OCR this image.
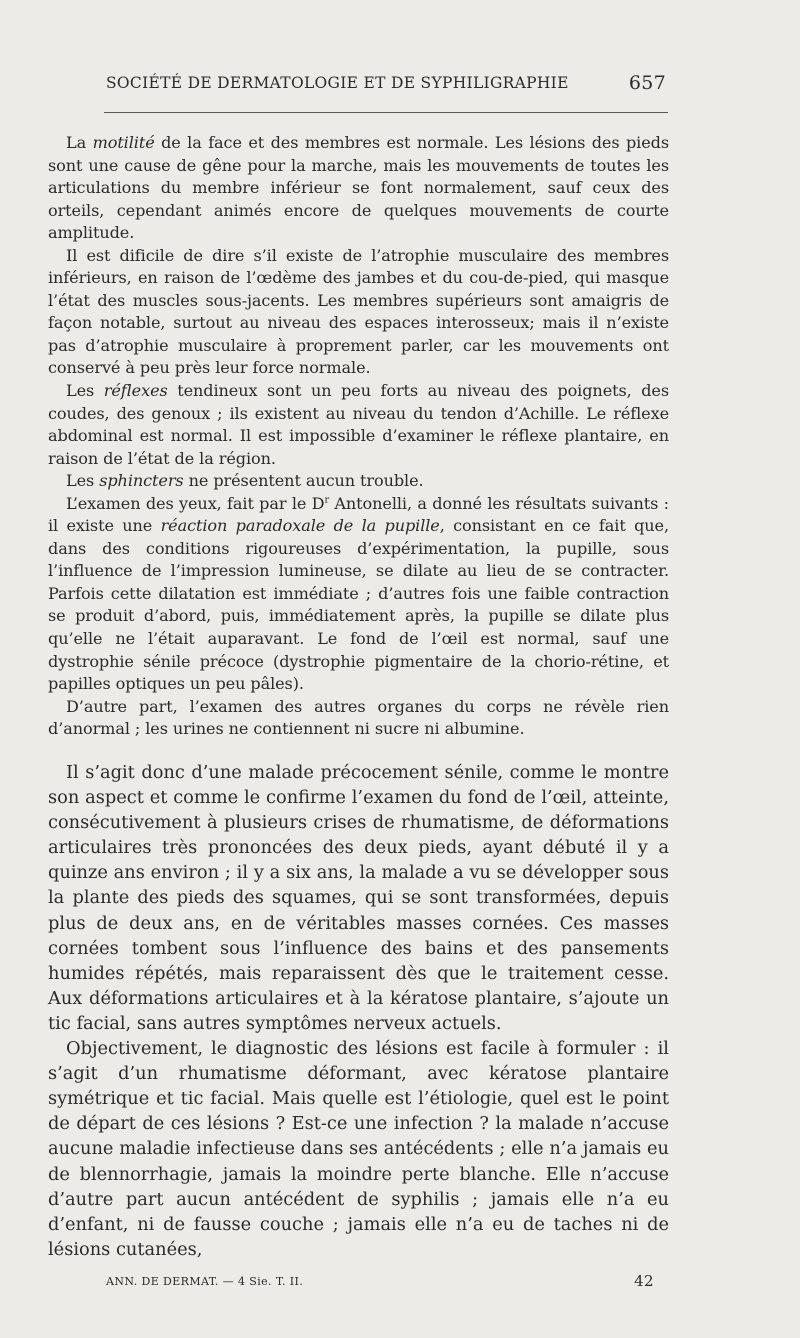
SOCIÉTÉ DE DERMATOLOGIE ET DE SYPHILIGRAPHIE	657

La motilité de la face et des membres est normale. Les lésions des pieds sont une cause de gêne pour la marche, mais les mouvements de toutes les articulations du membre inférieur se font normalement, sauf ceux des orteils, cependant animés encore de quelques mouvements de courte amplitude.

Il est dificile de dire s’il existe de l’atrophie musculaire des membres inférieurs, en raison de l’œdème des jambes et du cou-de-pied, qui masque l’état des muscles sous-jacents. Les membres supérieurs sont amaigris de façon notable, surtout au niveau des espaces interosseux; mais il n’existe pas d’atrophie musculaire à proprement parler, car les mouvements ont conservé à peu près leur force normale.

Les réflexes tendineux sont un peu forts au niveau des poignets, des coudes, des genoux ; ils existent au niveau du tendon d’Achille. Le réflexe abdominal est normal. Il est impossible d’examiner le réflexe plantaire, en raison de l’état de la région.

Les sphincters ne présentent aucun trouble.

L’examen des yeux, fait par le $D^r$ Antonelli, a donné les résultats suivants : il existe une réaction paradoxale de la pupille, consistant en ce fait que, dans des conditions rigoureuses d’expérimentation, la pupille, sous l’influence de l’impression lumineuse, se dilate au lieu de se contracter. Parfois cette dilatation est immédiate ; d’autres fois une faible contraction se produit d’abord, puis, immédiatement après, la pupille se dilate plus qu’elle ne l’était auparavant. Le fond de l’œil est normal, sauf une dystrophie sénile précoce (dystrophie pigmentaire de la chorio-rétine, et papilles optiques un peu pâles).

D’autre part, l’examen des autres organes du corps ne révèle rien d’anormal ; les urines ne contiennent ni sucre ni albumine.

Il s’agit donc d’une malade précocement sénile, comme le montre son aspect et comme le confirme l’examen du fond de l’œil, atteinte, consécutivement à plusieurs crises de rhumatisme, de déformations articulaires très prononcées des deux pieds, ayant débuté il y a quinze ans environ ; il y a six ans, la malade a vu se développer sous la plante des pieds des squames, qui se sont transformées, depuis plus de deux ans, en de véritables masses cornées. Ces masses cornées tombent sous l’influence des bains et des pansements humides répétés, mais reparaissent dès que le traitement cesse. Aux déformations articulaires et à la kératose plantaire, s’ajoute un tic facial, sans autres symptômes nerveux actuels.

Objectivement, le diagnostic des lésions est facile à formuler : il s’agit d’un rhumatisme déformant, avec kératose plantaire symétrique et tic facial. Mais quelle est l’étiologie, quel est le point de départ de ces lésions ? Est-ce une infection ? la malade n’accuse aucune maladie infectieuse dans ses antécédents ; elle n’a jamais eu de blennorrhagie, jamais la moindre perte blanche. Elle n’accuse d’autre part aucun antécédent de syphilis ; jamais elle n’a eu d’enfant, ni de fausse couche ; jamais elle n’a eu de taches ni de lésions cutanées,

ANN. DE DERMAT. — 4 Sie. T. II.	42
